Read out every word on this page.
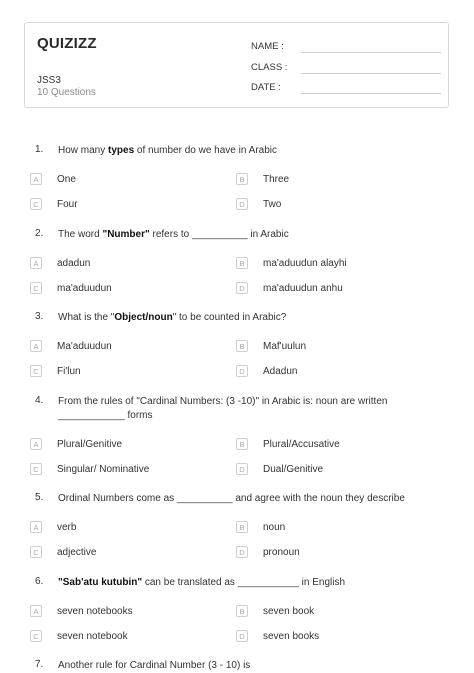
QUIZIZZ
JSS3
10 Questions
NAME :
CLASS :
DATE :
1.	How many types of number do we have in Arabic
A	One	B	Three
C	Four	D	Two
2.	The word "Number" refers to __________ in Arabic
A	adadun	B	ma'aduudun alayhi
C	ma'aduudun	D	ma'aduudun anhu
3.	What is the "Object/noun" to be counted in Arabic?
A	Ma'aduudun	B	Maf'uulun
C	Fi'lun	D	Adadun
4.	From the rules of "Cardinal Numbers: (3 -10)" in Arabic is: noun are written ____________ forms
A	Plural/Genitive	B	Plural/Accusative
C	Singular/ Nominative	D	Dual/Genitive
5.	Ordinal Numbers come as __________ and agree with the noun they describe
A	verb	B	noun
C	adjective	D	pronoun
6.	"Sab'atu kutubin" can be translated as ___________ in English
A	seven notebooks	B	seven book
C	seven notebook	D	seven books
7.	Another rule for Cardinal Number (3 - 10) is
